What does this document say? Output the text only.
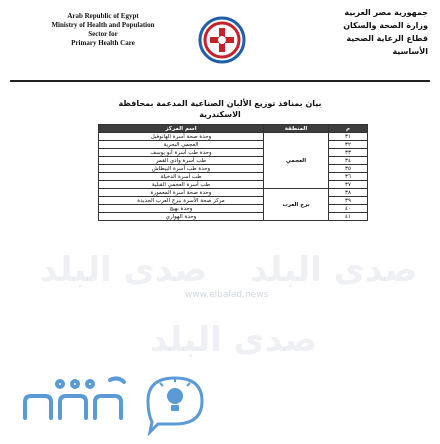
Arab Republic of Egypt
Ministry of Health and Population
Sector for
Primary Health Care
جمهورية مصر العربية
وزارة الصحة والسكان
قطاع الرعاية الصحية الأساسية
بيان بمنافذ توزيع الألبان الصناعية المدعمة بمحافظة
الاسكندرية
م	المنطقة	اسم المركز
٣١	العجمي	وحدة صحة أسرة الهانوفيل
٣٢		العجمي البحرية
٣٣		وحدة طب أسرة أبو يوسف
٣٤		طب أسرة وادي القمر
٣٥		وحدة طب أسرة البيطاش
٣٦		طب أسرة الدخيلة
٣٧		طب أسرة العجمي القبلية
٣٨	برج العرب	وحدة صحة أسرة المعمورة
٣٩		مركز صحة الأسرة ببرج العرب الجديدة
٤٠		وحدة بهيج
٤١		وحدة الهواري
صدى البلد صدى البلد
صدى البلد
www.elbalad.news
